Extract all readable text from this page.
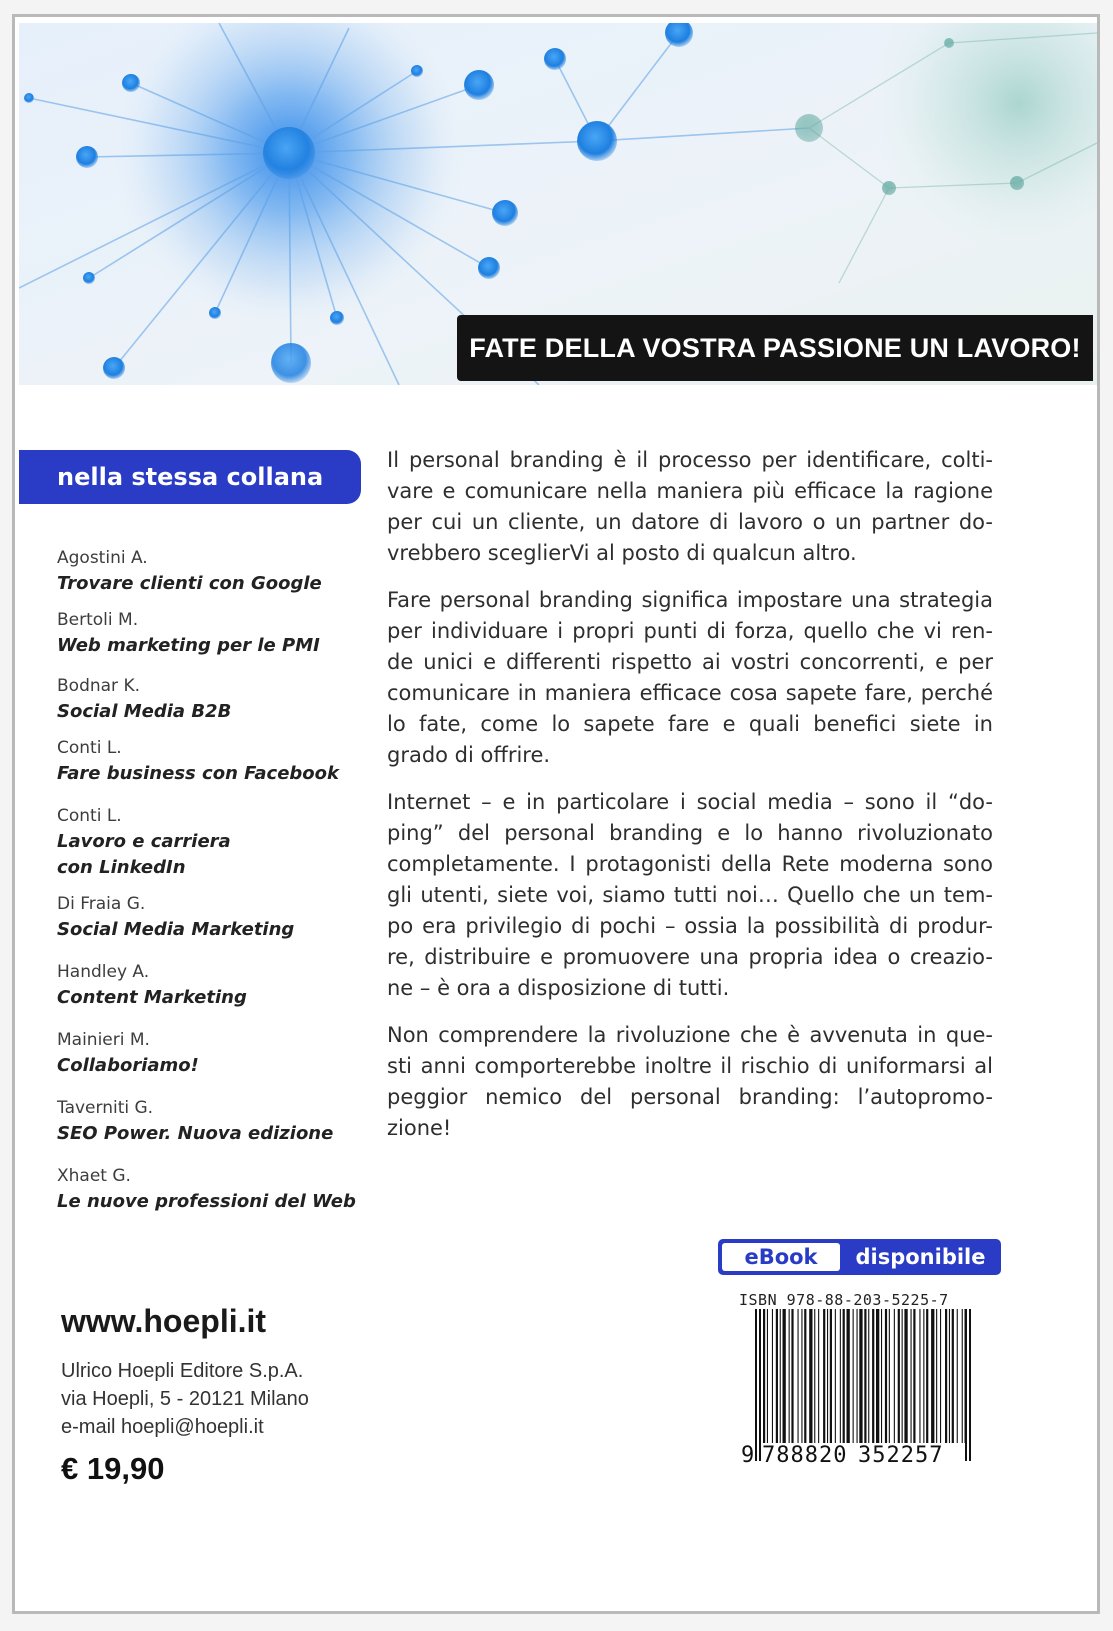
FATE DELLA VOSTRA PASSIONE UN LAVORO!
nella stessa collana
Agostini A.
Trovare clienti con Google
Bertoli M.
Web marketing per le PMI
Bodnar K.
Social Media B2B
Conti L.
Fare business con Facebook
Conti L.
Lavoro e carriera
con LinkedIn
Di Fraia G.
Social Media Marketing
Handley A.
Content Marketing
Mainieri M.
Collaboriamo!
Taverniti G.
SEO Power. Nuova edizione
Xhaet G.
Le nuove professioni del Web
www.hoepli.it
Ulrico Hoepli Editore S.p.A.
via Hoepli, 5 - 20121 Milano
e-mail hoepli@hoepli.it
€ 19,90

Il personal branding è il processo per identificare, colti-vare e comunicare nella maniera più efficace la ragione per cui un cliente, un datore di lavoro o un partner do-vrebbero sceglierVi al posto di qualcun altro.

Fare personal branding significa impostare una strategia per individuare i propri punti di forza, quello che vi ren-de unici e differenti rispetto ai vostri concorrenti, e per comunicare in maniera efficace cosa sapete fare, perché lo fate, come lo sapete fare e quali benefici siete in grado di offrire.

Internet – e in particolare i social media – sono il “do-ping” del personal branding e lo hanno rivoluzionato completamente. I protagonisti della Rete moderna sono gli utenti, siete voi, siamo tutti noi… Quello che un tem-po era privilegio di pochi – ossia la possibilità di produr-re, distribuire e promuovere una propria idea o creazio-ne – è ora a disposizione di tutti.

Non comprendere la rivoluzione che è avvenuta in que-sti anni comporterebbe inoltre il rischio di uniformarsi al peggior nemico del personal branding: l’autopromo-zione!

eBook	disponibile
ISBN 978-88-203-5225-7
9 788820 352257
